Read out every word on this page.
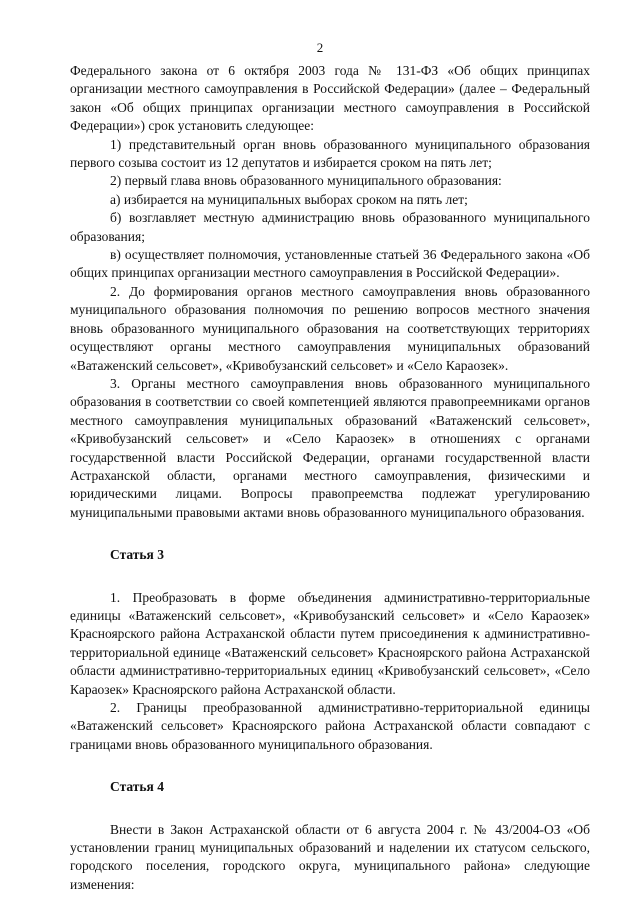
2

Федерального закона от 6 октября 2003 года № 131-ФЗ «Об общих принципах организации местного самоуправления в Российской Федерации» (далее – Федеральный закон «Об общих принципах организации местного самоуправления в Российской Федерации») срок установить следующее:

1) представительный орган вновь образованного муниципального образования первого созыва состоит из 12 депутатов и избирается сроком на пять лет;

2) первый глава вновь образованного муниципального образования:

а) избирается на муниципальных выборах сроком на пять лет;

б) возглавляет местную администрацию вновь образованного муниципального образования;

в) осуществляет полномочия, установленные статьей 36 Федерального закона «Об общих принципах организации местного самоуправления в Российской Федерации».

2. До формирования органов местного самоуправления вновь образованного муниципального образования полномочия по решению вопросов местного значения вновь образованного муниципального образования на соответствующих территориях осуществляют органы местного самоуправления муниципальных образований «Ватаженский сельсовет», «Кривобузанский сельсовет» и «Село Караозек».

3. Органы местного самоуправления вновь образованного муниципального образования в соответствии со своей компетенцией являются правопреемниками органов местного самоуправления муниципальных образований «Ватаженский сельсовет», «Кривобузанский сельсовет» и «Село Караозек» в отношениях с органами государственной власти Российской Федерации, органами государственной власти Астраханской области, органами местного самоуправления, физическими и юридическими лицами. Вопросы правопреемства подлежат урегулированию муниципальными правовыми актами вновь образованного муниципального образования.

Статья 3

1. Преобразовать в форме объединения административно-территориальные единицы «Ватаженский сельсовет», «Кривобузанский сельсовет» и «Село Караозек» Красноярского района Астраханской области путем присоединения к административно-территориальной единице «Ватаженский сельсовет» Красноярского района Астраханской области административно-территориальных единиц «Кривобузанский сельсовет», «Село Караозек» Красноярского района Астраханской области.

2. Границы преобразованной административно-территориальной единицы «Ватаженский сельсовет» Красноярского района Астраханской области совпадают с границами вновь образованного муниципального образования.

Статья 4

Внести в Закон Астраханской области от 6 августа 2004 г. № 43/2004-ОЗ «Об установлении границ муниципальных образований и наделении их статусом сельского, городского поселения, городского округа, муниципального района» следующие изменения:
